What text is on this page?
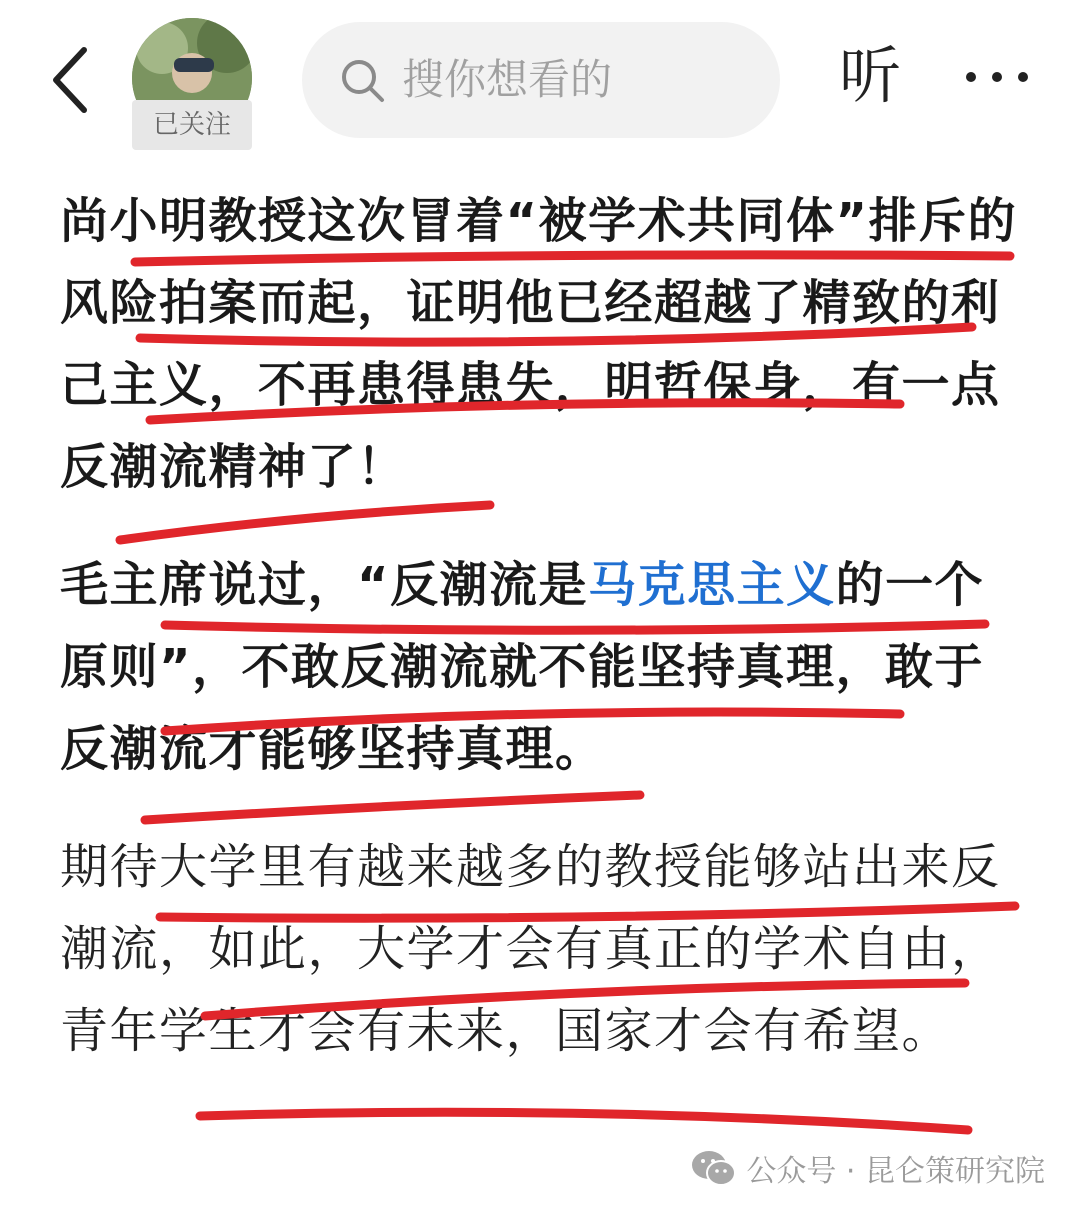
已关注
搜你想看的	听

尚小明教授这次冒着“被学术共同体”排斥的风险拍案而起，证明他已经超越了精致的利己主义，不再患得患失，明哲保身，有一点反潮流精神了！

毛主席说过，“反潮流是马克思主义的一个原则”，不敢反潮流就不能坚持真理，敢于反潮流才能够坚持真理。

期待大学里有越来越多的教授能够站出来反潮流，如此，大学才会有真正的学术自由，青年学生才会有未来，国家才会有希望。

公众号 · 昆仑策研究院
